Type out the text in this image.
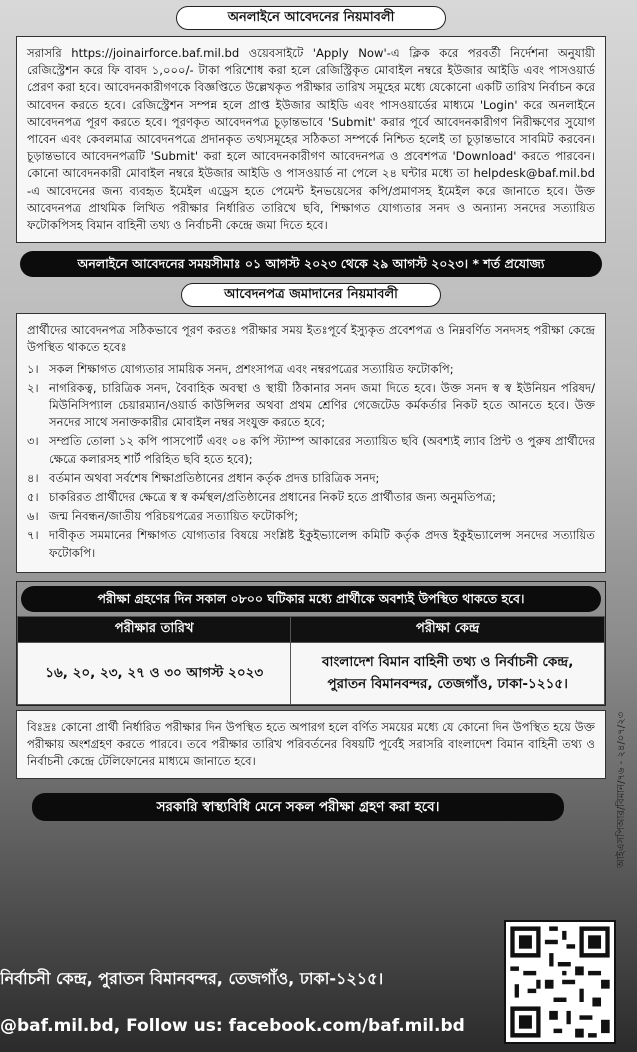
অনলাইনে আবেদনের নিয়মাবলী
সরাসরি https://joinairforce.baf.mil.bd ওয়েবসাইটে 'Apply Now'-এ ক্লিক করে পরবর্তী নির্দেশনা অনুযায়ী রেজিস্ট্রেশন করে ফি বাবদ ১,০০০/- টাকা পরিশোধ করা হলে রেজিস্ট্রিকৃত মোবাইল নম্বরে ইউজার আইডি এবং পাসওয়ার্ড প্রেরণ করা হবে। আবেদনকারীগণকে বিজ্ঞপ্তিতে উল্লেখকৃত পরীক্ষার তারিখ সমূহের মধ্যে যেকোনো একটি তারিখ নির্বাচন করে আবেদন করতে হবে। রেজিস্ট্রেশন সম্পন্ন হলে প্রাপ্ত ইউজার আইডি এবং পাসওয়ার্ডের মাধ্যমে 'Login' করে অনলাইনে আবেদনপত্র পূরণ করতে হবে। পূরণকৃত আবেদনপত্র চূড়ান্তভাবে 'Submit' করার পূর্বে আবেদনকারীগণ নিরীক্ষণের সুযোগ পাবেন এবং কেবলমাত্র আবেদনপত্রে প্রদানকৃত তথ্যসমূহের সঠিকতা সম্পর্কে নিশ্চিত হলেই তা চূড়ান্তভাবে সাবমিট করবেন। চূড়ান্তভাবে আবেদনপত্রটি 'Submit' করা হলে আবেদনকারীগণ আবেদনপত্র ও প্রবেশপত্র 'Download' করতে পারবেন। কোনো আবেদনকারী মোবাইল নম্বরে ইউজার আইডি ও পাসওয়ার্ড না পেলে ২৪ ঘন্টার মধ্যে তা helpdesk@baf.mil.bd -এ আবেদনের জন্য ব্যবহৃত ইমেইল এড্রেস হতে পেমেন্ট ইনভয়েসের কপি/প্রমাণসহ ইমেইল করে জানাতে হবে। উক্ত আবেদনপত্র প্রাথমিক লিখিত পরীক্ষার নির্ধারিত তারিখে ছবি, শিক্ষাগত যোগ্যতার সনদ ও অন্যান্য সনদের সত্যায়িত ফটোকপিসহ বিমান বাহিনী তথ্য ও নির্বাচনী কেন্দ্রে জমা দিতে হবে।
অনলাইনে আবেদনের সময়সীমাঃ ০১ আগস্ট ২০২৩ থেকে ২৯ আগস্ট ২০২৩। * শর্ত প্রযোজ্য
আবেদনপত্র জমাদানের নিয়মাবলী

প্রার্থীদের আবেদনপত্র সঠিকভাবে পূরণ করতঃ পরীক্ষার সময় ইতঃপূর্বে ইস্যুকৃত প্রবেশপত্র ও নিম্নবর্ণিত সনদসহ পরীক্ষা কেন্দ্রে উপস্থিত থাকতে হবেঃ

১। সকল শিক্ষাগত যোগ্যতার সাময়িক সনদ, প্রশংসাপত্র এবং নম্বরপত্রের সত্যায়িত ফটোকপি;
২। নাগরিকত্ব, চারিত্রিক সনদ, বৈবাহিক অবস্থা ও স্থায়ী ঠিকানার সনদ জমা দিতে হবে। উক্ত সনদ স্ব স্ব ইউনিয়ন পরিষদ/মিউনিসিপ্যাল চেয়ারম্যান/ওয়ার্ড কাউন্সিলর অথবা প্রথম শ্রেণির গেজেটেড কর্মকর্তার নিকট হতে আনতে হবে। উক্ত সনদের সাথে সনাক্তকারীর মোবাইল নম্বর সংযুক্ত করতে হবে;
৩। সম্প্রতি তোলা ১২ কপি পাসপোর্ট এবং ০৪ কপি স্ট্যাম্প আকারের সত্যায়িত ছবি (অবশ্যই ল্যাব প্রিন্ট ও পুরুষ প্রার্থীদের ক্ষেত্রে কলারসহ শার্ট পরিহিত ছবি হতে হবে);
৪। বর্তমান অথবা সর্বশেষ শিক্ষাপ্রতিষ্ঠানের প্রধান কর্তৃক প্রদত্ত চারিত্রিক সনদ;
৫। চাকরিরত প্রার্থীদের ক্ষেত্রে স্ব স্ব কর্মস্থল/প্রতিষ্ঠানের প্রধানের নিকট হতে প্রার্থীতার জন্য অনুমতিপত্র;
৬। জন্ম নিবন্ধন/জাতীয় পরিচয়পত্রের সত্যায়িত ফটোকপি;
৭। দাবীকৃত সমমানের শিক্ষাগত যোগ্যতার বিষয়ে সংশ্লিষ্ট ইকুইভ্যালেন্স কমিটি কর্তৃক প্রদত্ত ইকুইভ্যালেন্স সনদের সত্যায়িত ফটোকপি।
পরীক্ষা গ্রহণের দিন সকাল ০৮০০ ঘটিকার মধ্যে প্রার্থীকে অবশ্যই উপস্থিত থাকতে হবে।
পরীক্ষার তারিখ	পরীক্ষা কেন্দ্র
১৬, ২০, ২৩, ২৭ ও ৩০ আগস্ট ২০২৩	বাংলাদেশ বিমান বাহিনী তথ্য ও নির্বাচনী কেন্দ্র,
পুরাতন বিমানবন্দর, তেজগাঁও, ঢাকা-১২১৫।
বিঃদ্রঃ কোনো প্রার্থী নির্ধারিত পরীক্ষার দিন উপস্থিত হতে অপারগ হলে বর্ণিত সময়ের মধ্যে যে কোনো দিন উপস্থিত হয়ে উক্ত পরীক্ষায় অংশগ্রহণ করতে পারবে। তবে পরীক্ষার তারিখ পরিবর্তনের বিষয়টি পূর্বেই সরাসরি বাংলাদেশ বিমান বাহিনী তথ্য ও নির্বাচনী কেন্দ্রে টেলিফোনের মাধ্যমে জানাতে হবে।
সরকারি স্বাস্থ্যবিধি মেনে সকল পরীক্ষা গ্রহণ করা হবে।
নির্বাচনী কেন্দ্র, পুরাতন বিমানবন্দর, তেজগাঁও, ঢাকা-১২১৫।
@baf.mil.bd, Follow us: facebook.com/baf.mil.bd
আইএসপিআর/বিমান/৭৬ - ২৪/০৭/২৩
